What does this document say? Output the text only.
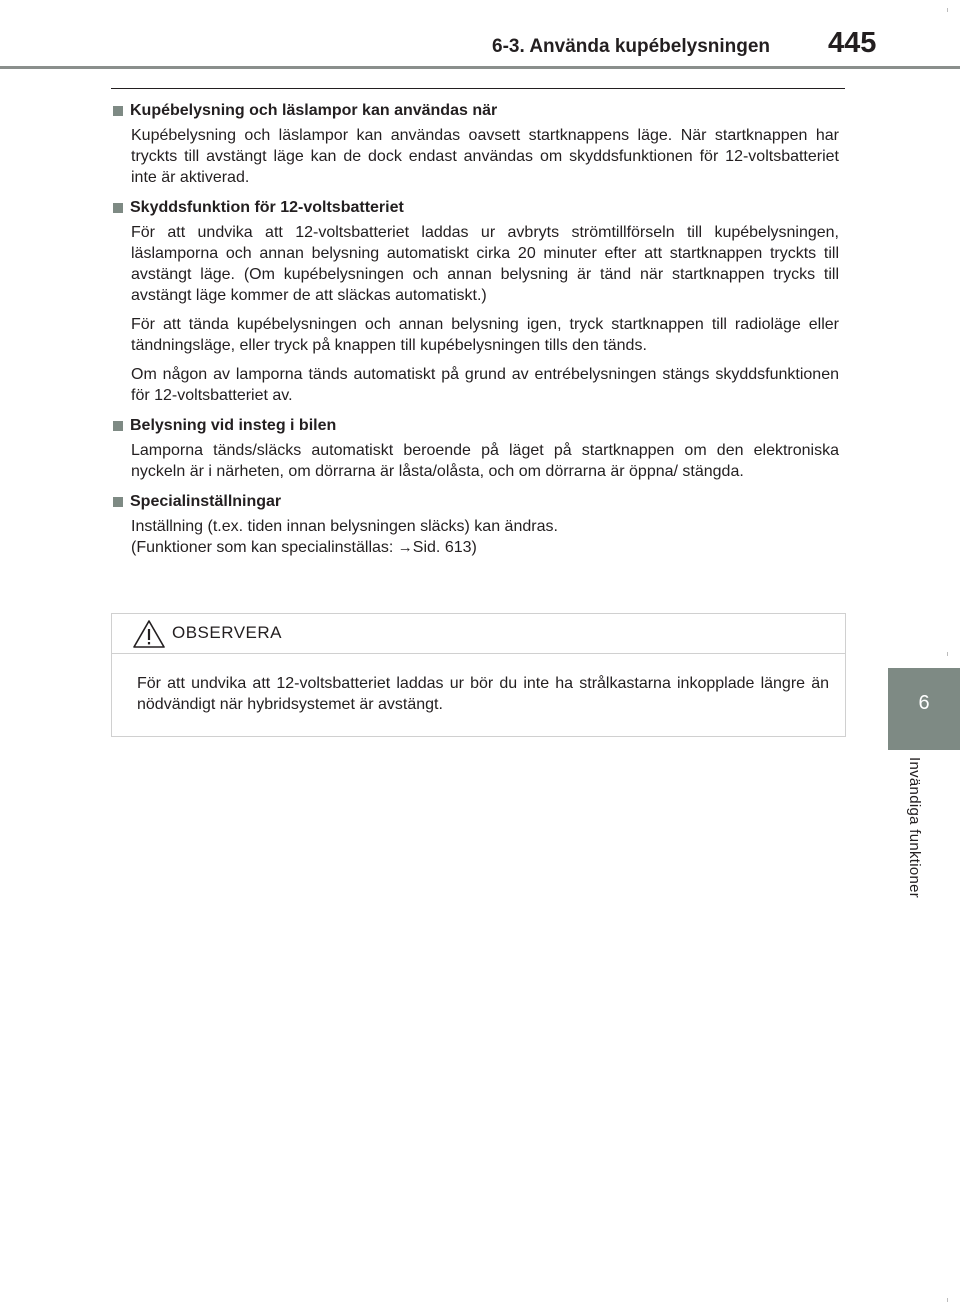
6-3. Använda kupébelysningen 445
6
Invändiga funktioner
Kupébelysning och läslampor kan användas när

Kupébelysning och läslampor kan användas oavsett startknappens läge. När startknappen har tryckts till avstängt läge kan de dock endast användas om skyddsfunktionen för 12-voltsbatteriet inte är aktiverad.

Skyddsfunktion för 12-voltsbatteriet

För att undvika att 12-voltsbatteriet laddas ur avbryts strömtillförseln till kupébelysningen, läslamporna och annan belysning automatiskt cirka 20 minuter efter att startknappen tryckts till avstängt läge. (Om kupébelysningen och annan belysning är tänd när startknappen trycks till avstängt läge kommer de att släckas automatiskt.)

För att tända kupébelysningen och annan belysning igen, tryck startknappen till radioläge eller tändningsläge, eller tryck på knappen till kupébelysningen tills den tänds.

Om någon av lamporna tänds automatiskt på grund av entrébelysningen stängs skyddsfunktionen för 12-voltsbatteriet av.

Belysning vid insteg i bilen

Lamporna tänds/släcks automatiskt beroende på läget på startknappen om den elektroniska nyckeln är i närheten, om dörrarna är låsta/olåsta, och om dörrarna är öppna/ stängda.

Specialinställningar

Inställning (t.ex. tiden innan belysningen släcks) kan ändras.
(Funktioner som kan specialinställas: →Sid. 613)

OBSERVERA
För att undvika att 12-voltsbatteriet laddas ur bör du inte ha strålkastarna inkopplade längre än nödvändigt när hybridsystemet är avstängt.
